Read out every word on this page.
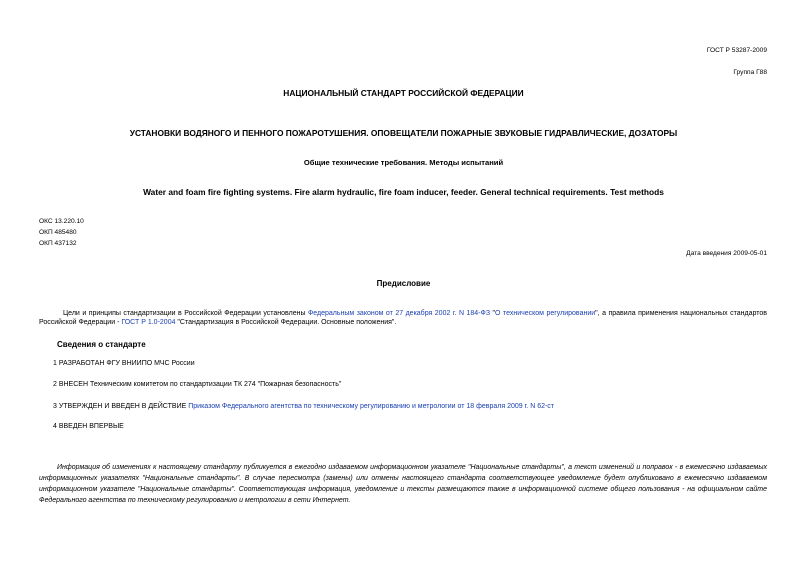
ГОСТ Р 53287-2009
Группа Г88
НАЦИОНАЛЬНЫЙ СТАНДАРТ РОССИЙСКОЙ ФЕДЕРАЦИИ
УСТАНОВКИ ВОДЯНОГО И ПЕННОГО ПОЖАРОТУШЕНИЯ. ОПОВЕЩАТЕЛИ ПОЖАРНЫЕ ЗВУКОВЫЕ ГИДРАВЛИЧЕСКИЕ, ДОЗАТОРЫ
Общие технические требования. Методы испытаний
Water and foam fire fighting systems. Fire alarm hydraulic, fire foam inducer, feeder. General technical requirements. Test methods
ОКС 13.220.10
ОКП 485480
ОКП 437132
Дата введения 2009-05-01
Предисловие
Цели и принципы стандартизации в Российской Федерации установлены Федеральным законом от 27 декабря 2002 г. N 184-ФЗ "О техническом регулировании", а правила применения национальных стандартов Российской Федерации - ГОСТ Р 1.0-2004 "Стандартизация в Российской Федерации. Основные положения".
Сведения о стандарте
1 РАЗРАБОТАН ФГУ ВНИИПО МЧС России
2 ВНЕСЕН Техническим комитетом по стандартизации ТК 274 "Пожарная безопасность"
3 УТВЕРЖДЕН И ВВЕДЕН В ДЕЙСТВИЕ Приказом Федерального агентства по техническому регулированию и метрологии от 18 февраля 2009 г. N 62-ст
4 ВВЕДЕН ВПЕРВЫЕ
Информация об изменениях к настоящему стандарту публикуется в ежегодно издаваемом информационном указателе "Национальные стандарты", а текст изменений и поправок - в ежемесячно издаваемых информационных указателях "Национальные стандарты". В случае пересмотра (замены) или отмены настоящего стандарта соответствующее уведомление будет опубликовано в ежемесячно издаваемом информационном указателе "Национальные стандарты". Соответствующая информация, уведомление и тексты размещаются также в информационной системе общего пользования - на официальном сайте Федерального агентства по техническому регулированию и метрологии в сети Интернет.
